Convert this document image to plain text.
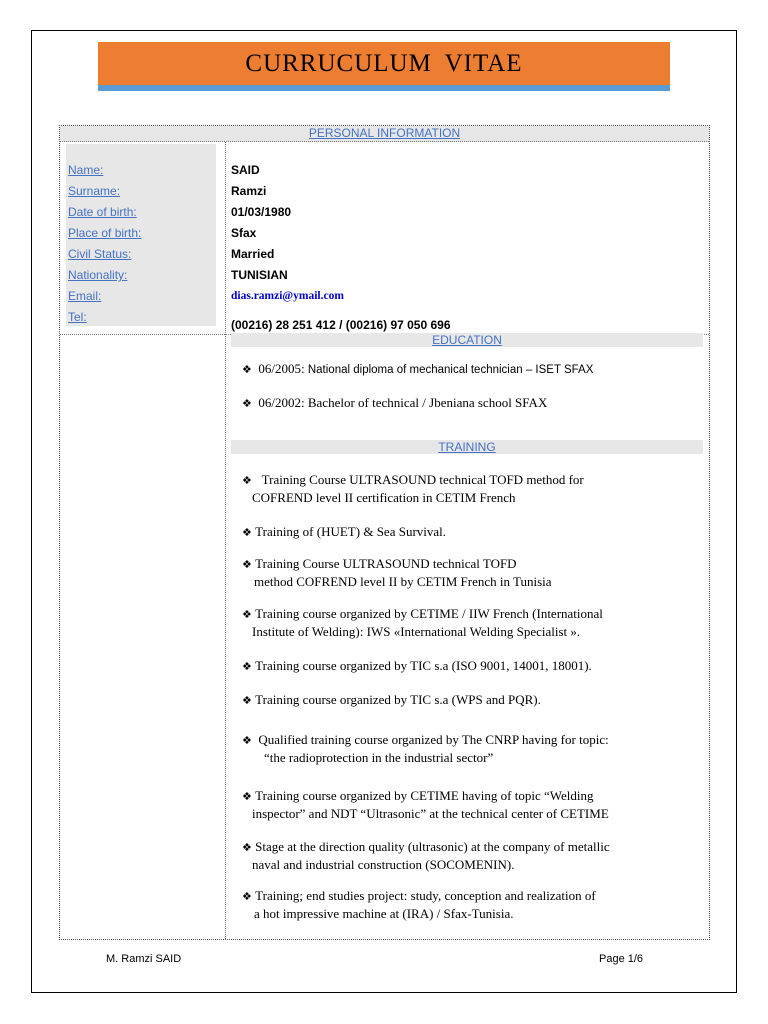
CURRUCULUM VITAE
PERSONAL INFORMATION
Name:
Surname:
Date of birth:
Place of birth:
Civil Status:
Nationality:
Email:
Tel:
SAID
Ramzi
01/03/1980
Sfax
Married
TUNISIAN
dias.ramzi@ymail.com
(00216) 28 251 412 / (00216) 97 050 696
EDUCATION
❖ 06/2005: National diploma of mechanical technician – ISET SFAX
❖ 06/2002: Bachelor of technical / Jbeniana school SFAX
TRAINING
❖ Training Course ULTRASOUND technical TOFD method for
COFREND level II certification in CETIM French
❖ Training of (HUET) & Sea Survival.
❖ Training Course ULTRASOUND technical TOFD
method COFREND level II by CETIM French in Tunisia
❖ Training course organized by CETIME / IIW French (International
Institute of Welding): IWS «International Welding Specialist ».
❖ Training course organized by TIC s.a (ISO 9001, 14001, 18001).
❖ Training course organized by TIC s.a (WPS and PQR).
❖ Qualified training course organized by The CNRP having for topic:
“the radioprotection in the industrial sector”
❖ Training course organized by CETIME having of topic “Welding
inspector” and NDT “Ultrasonic” at the technical center of CETIME
❖ Stage at the direction quality (ultrasonic) at the company of metallic
naval and industrial construction (SOCOMENIN).
❖ Training; end studies project: study, conception and realization of
a hot impressive machine at (IRA) / Sfax-Tunisia.
M. Ramzi SAID	Page 1/6
